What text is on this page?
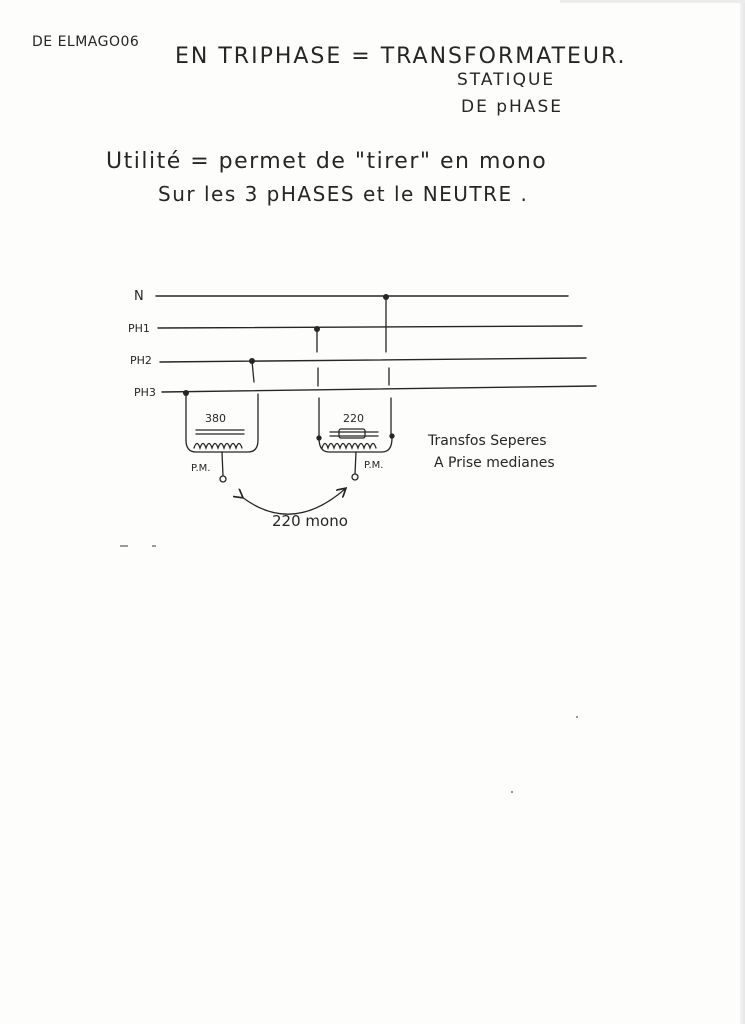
DE ELMAGO06
EN TRIPHASE = TRANSFORMATEUR.
STATIQUE
DE pHASE
Utilité = permet de "tirer" en mono
Sur les 3 pHASES et le NEUTRE .
N
PH1
PH2
PH3
380
P.M.
220
P.M.
220 mono
Transfos Seperes
A Prise medianes
